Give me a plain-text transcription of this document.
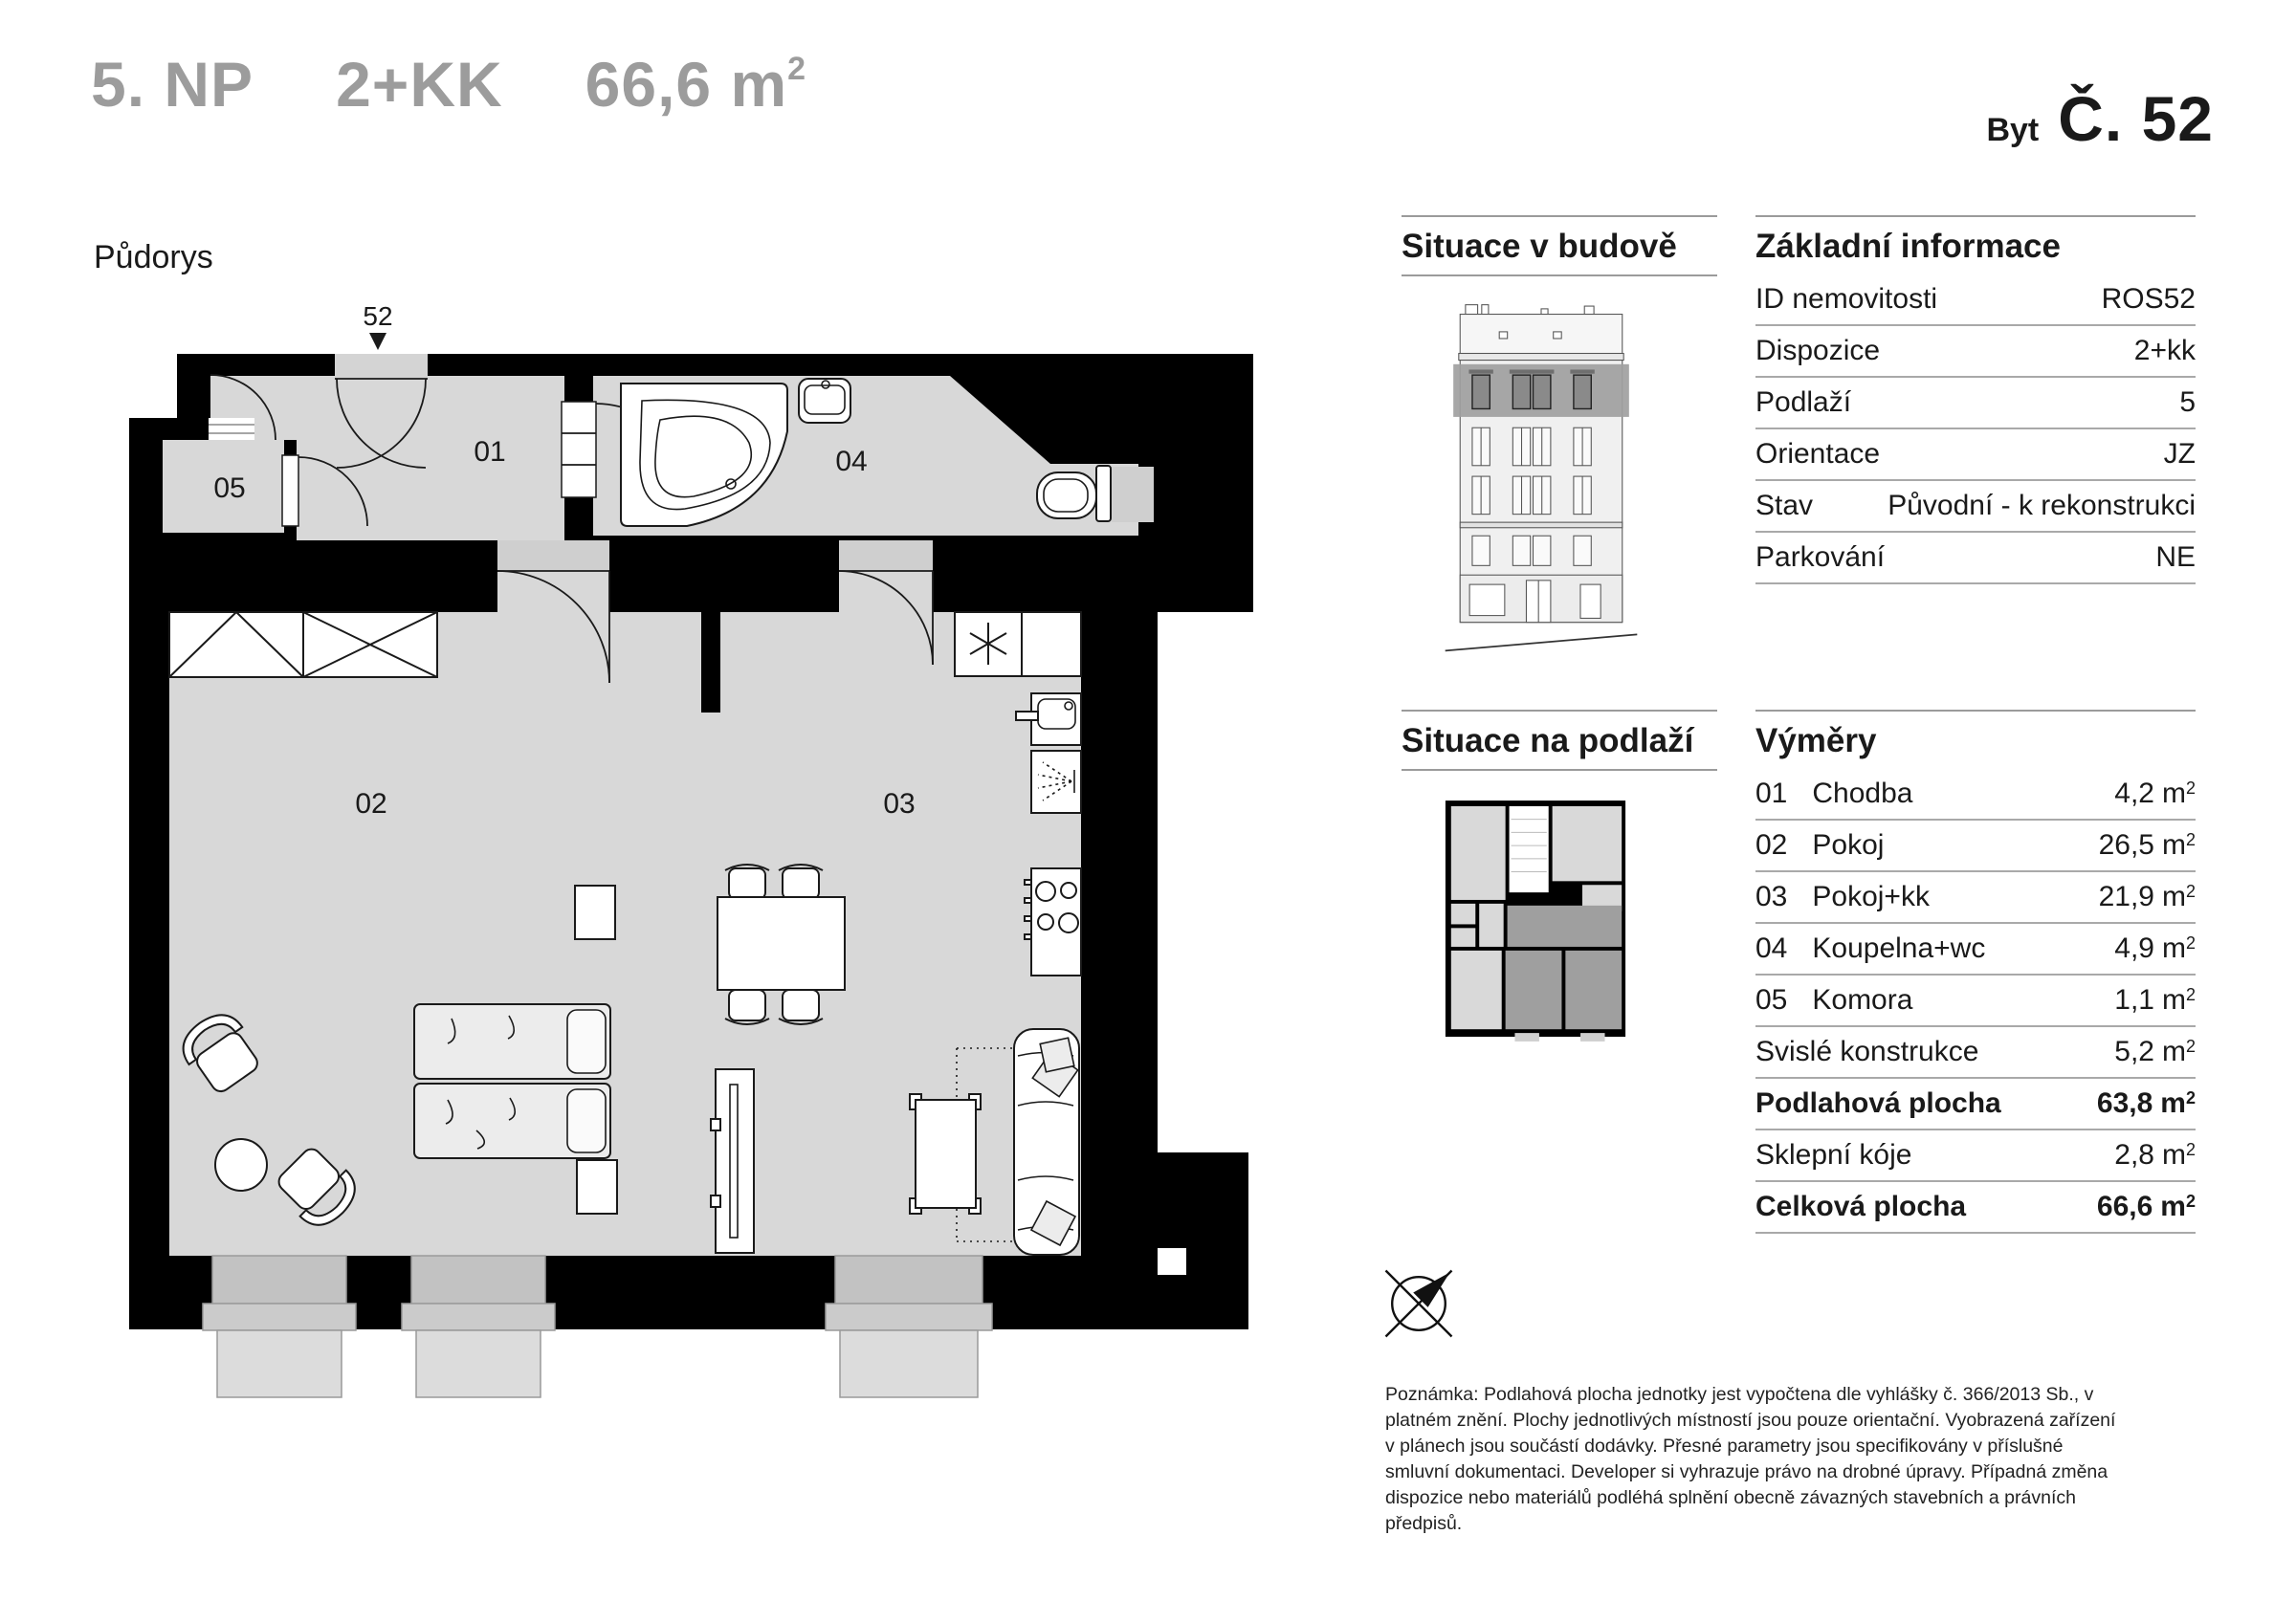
5. NP 2+KK 66,6 $m^2$
Byt Č. 52
Půdorys
52
01
05
04
02	03
Situace v budově
Situace na podlaží
Poznámka: Podlahová plocha jednotky jest vypočtena dle vyhlášky č. 366/2013 Sb., v platném znění. Plochy jednotlivých místností jsou pouze orientační. Vyobrazená zařízení v plánech jsou součástí dodávky. Přesné parametry jsou specifikovány v příslušné smluvní dokumentaci. Developer si vyhrazuje právo na drobné úpravy. Případná změna dispozice nebo materiálů podléhá splnění obecně závazných stavebních a právních předpisů.
Základní informace
ID nemovitosti	ROS52
Dispozice	2+kk
Podlaží	5
Orientace	JZ
Stav	Původní - k rekonstrukci
Parkování	NE
Výměry
01 Chodba	4,2 $m^2$
02 Pokoj	26,5 $m^2$
03 Pokoj+kk	21,9 $m^2$
04 Koupelna+wc	4,9 $m^2$
05 Komora	1,1 $m^2$
Svislé konstrukce	5,2 $m^2$
Podlahová plocha	63,8 $m^2$
Sklepní kóje	2,8 $m^2$
Celková plocha	66,6 $m^2$
